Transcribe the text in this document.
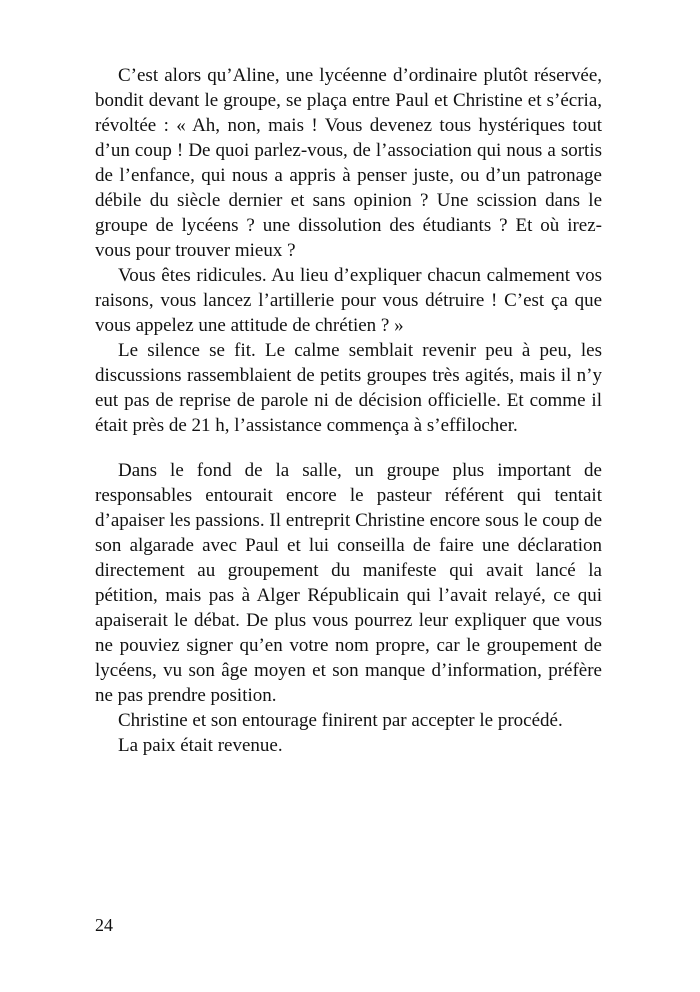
C’est alors qu’Aline, une lycéenne d’ordinaire plutôt réservée, bondit devant le groupe, se plaça entre Paul et Christine et s’écria, révoltée : « Ah, non, mais ! Vous devenez tous hystériques tout d’un coup ! De quoi parlez-vous, de l’association qui nous a sortis de l’enfance, qui nous a appris à penser juste, ou d’un patronage débile du siècle dernier et sans opinion ? Une scission dans le groupe de lycéens ? une dissolution des étudiants ? Et où irez-vous pour trouver mieux ?

Vous êtes ridicules. Au lieu d’expliquer chacun calmement vos raisons, vous lancez l’artillerie pour vous détruire ! C’est ça que vous appelez une attitude de chrétien ? »

Le silence se fit. Le calme semblait revenir peu à peu, les discussions rassemblaient de petits groupes très agités, mais il n’y eut pas de reprise de parole ni de décision officielle. Et comme il était près de 21 h, l’assistance commença à s’effilocher.

Dans le fond de la salle, un groupe plus important de responsables entourait encore le pasteur référent qui tentait d’apaiser les passions. Il entreprit Christine encore sous le coup de son algarade avec Paul et lui conseilla de faire une déclaration directement au groupement du manifeste qui avait lancé la pétition, mais pas à Alger Républicain qui l’avait relayé, ce qui apaiserait le débat. De plus vous pourrez leur expliquer que vous ne pouviez signer qu’en votre nom propre, car le groupement de lycéens, vu son âge moyen et son manque d’information, préfère ne pas prendre position.

Christine et son entourage finirent par accepter le procédé.

La paix était revenue.

24
